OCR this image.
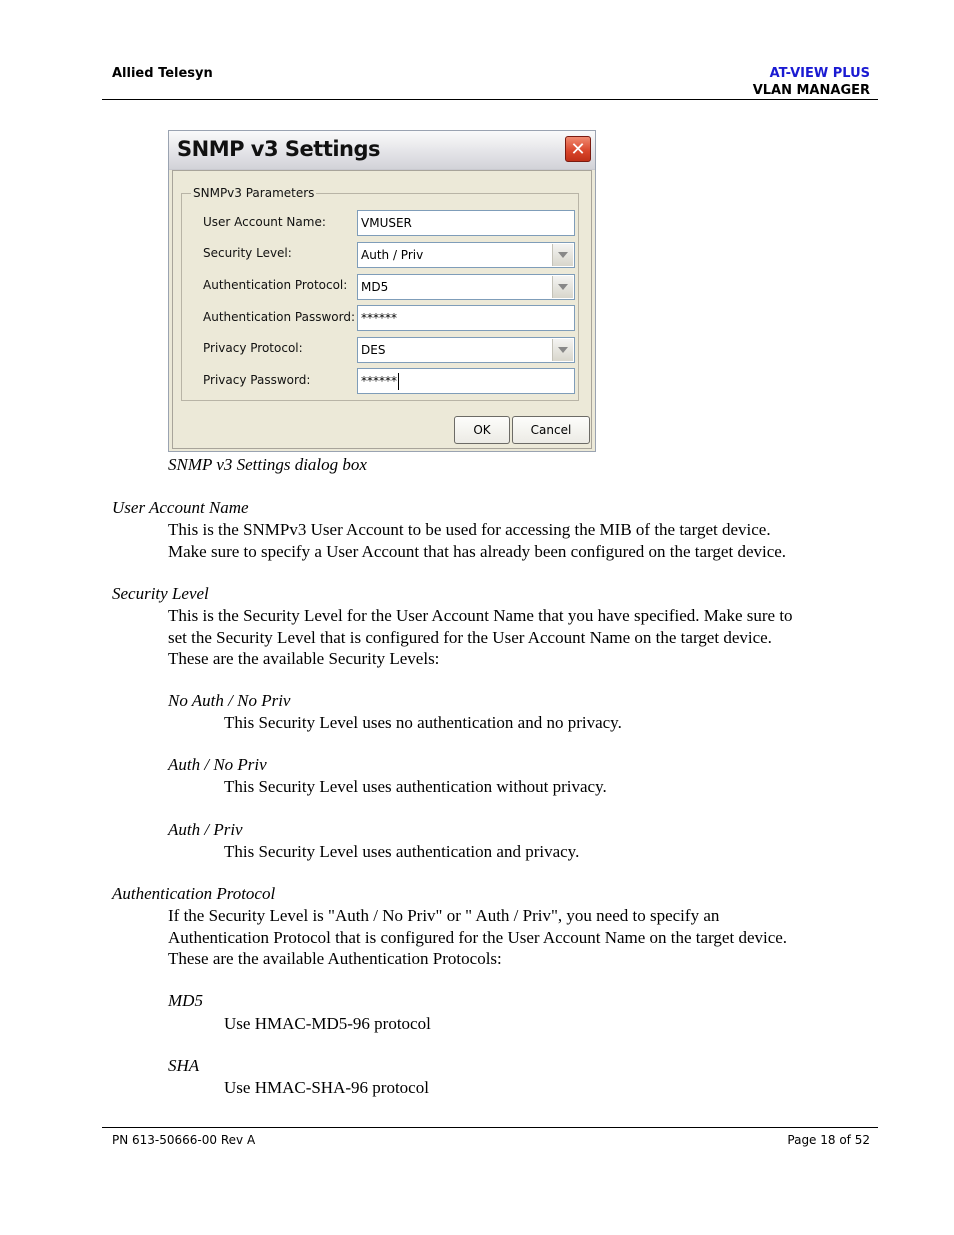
Allied Telesyn	AT-VIEW PLUS
VLAN MANAGER
SNMP v3 Settings	✕
SNMPv3 Parameters
User Account Name:	VMUSER
Security Level:	Auth / Priv
Authentication Protocol:	MD5
Authentication Password: ******
Privacy Protocol:	DES
Privacy Password:	******
OK	Cancel
SNMP v3 Settings dialog box
User Account Name
This is the SNMPv3 User Account to be used for accessing the MIB of the target device.
Make sure to specify a User Account that has already been configured on the target device.
Security Level
This is the Security Level for the User Account Name that you have specified. Make sure to
set the Security Level that is configured for the User Account Name on the target device.
These are the available Security Levels:
No Auth / No Priv
This Security Level uses no authentication and no privacy.
Auth / No Priv
This Security Level uses authentication without privacy.
Auth / Priv
This Security Level uses authentication and privacy.
Authentication Protocol
If the Security Level is "Auth / No Priv" or " Auth / Priv", you need to specify an
Authentication Protocol that is configured for the User Account Name on the target device.
These are the available Authentication Protocols:
MD5
Use HMAC-MD5-96 protocol
SHA
Use HMAC-SHA-96 protocol
PN 613-50666-00 Rev A	Page 18 of 52
